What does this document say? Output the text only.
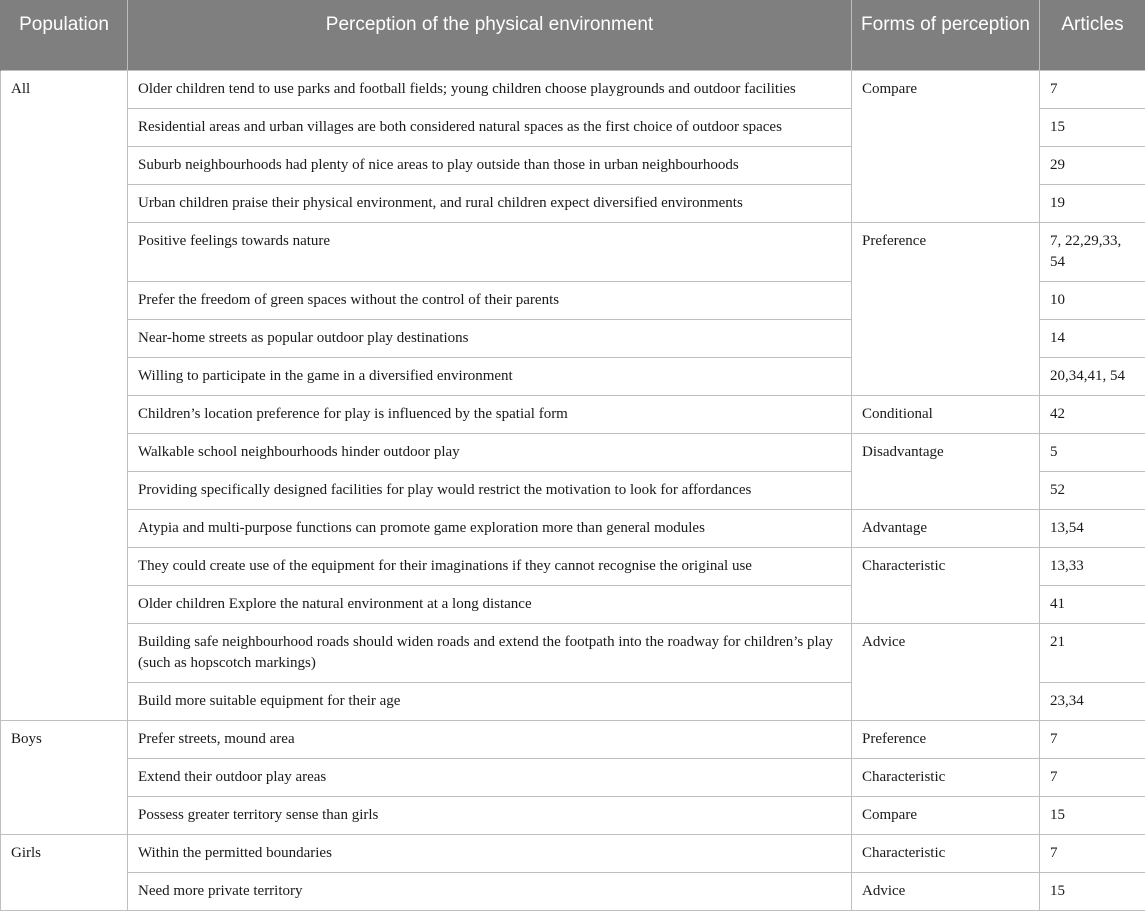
Population	Perception of the physical environment	Forms of perception	Articles
All	Older children tend to use parks and football fields; young children choose playgrounds and outdoor facilities	Compare	7
	Residential areas and urban villages are both considered natural spaces as the first choice of outdoor spaces		15
	Suburb neighbourhoods had plenty of nice areas to play outside than those in urban neighbourhoods		29
	Urban children praise their physical environment, and rural children expect diversified environments		19
	Positive feelings towards nature	Preference	7, 22,29,33, 54
	Prefer the freedom of green spaces without the control of their parents		10
	Near-home streets as popular outdoor play destinations		14
	Willing to participate in the game in a diversified environment		20,34,41, 54
	Children’s location preference for play is influenced by the spatial form	Conditional	42
	Walkable school neighbourhoods hinder outdoor play	Disadvantage	5
	Providing specifically designed facilities for play would restrict the motivation to look for affordances		52
	Atypia and multi-purpose functions can promote game exploration more than general modules	Advantage	13,54
	They could create use of the equipment for their imaginations if they cannot recognise the original use	Characteristic	13,33
	Older children Explore the natural environment at a long distance		41
	Building safe neighbourhood roads should widen roads and extend the footpath into the roadway for children’s play (such as hopscotch markings)	Advice	21
	Build more suitable equipment for their age		23,34
Boys	Prefer streets, mound area	Preference	7
	Extend their outdoor play areas	Characteristic	7
	Possess greater territory sense than girls	Compare	15
Girls	Within the permitted boundaries	Characteristic	7
	Need more private territory	Advice	15
